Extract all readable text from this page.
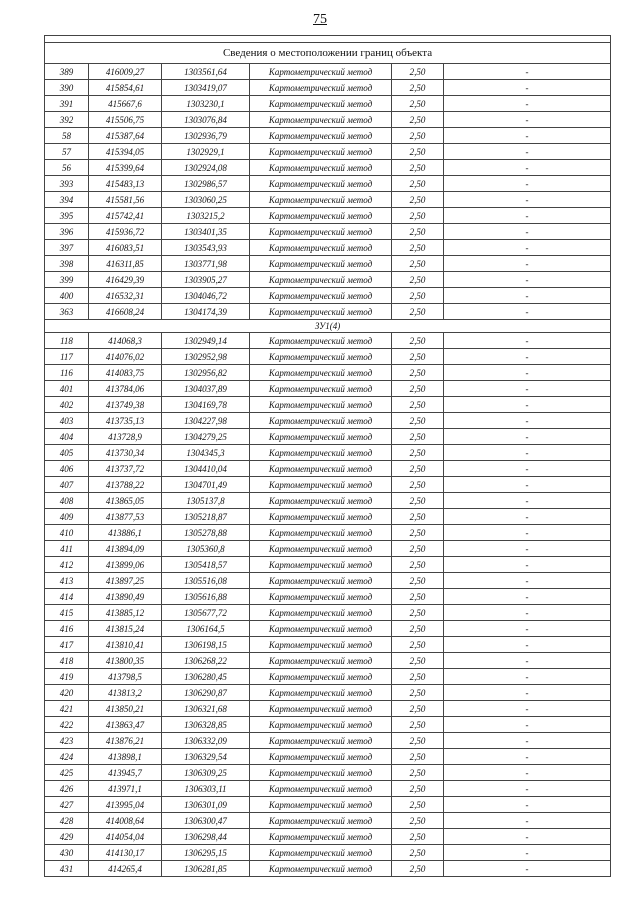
75

Сведения о местоположении границ объекта					
389	416009,27	1303561,64	Картометрический метод	2,50	-
390	415854,61	1303419,07	Картометрический метод	2,50	-
391	415667,6	1303230,1	Картометрический метод	2,50	-
392	415506,75	1303076,84	Картометрический метод	2,50	-
58	415387,64	1302936,79	Картометрический метод	2,50	-
57	415394,05	1302929,1	Картометрический метод	2,50	-
56	415399,64	1302924,08	Картометрический метод	2,50	-
393	415483,13	1302986,57	Картометрический метод	2,50	-
394	415581,56	1303060,25	Картометрический метод	2,50	-
395	415742,41	1303215,2	Картометрический метод	2,50	-
396	415936,72	1303401,35	Картометрический метод	2,50	-
397	416083,51	1303543,93	Картометрический метод	2,50	-
398	416311,85	1303771,98	Картометрический метод	2,50	-
399	416429,39	1303905,27	Картометрический метод	2,50	-
400	416532,31	1304046,72	Картометрический метод	2,50	-
363	416608,24	1304174,39	Картометрический метод	2,50	-
ЗУ1(4)					
118	414068,3	1302949,14	Картометрический метод	2,50	-
117	414076,02	1302952,98	Картометрический метод	2,50	-
116	414083,75	1302956,82	Картометрический метод	2,50	-
401	413784,06	1304037,89	Картометрический метод	2,50	-
402	413749,38	1304169,78	Картометрический метод	2,50	-
403	413735,13	1304227,98	Картометрический метод	2,50	-
404	413728,9	1304279,25	Картометрический метод	2,50	-
405	413730,34	1304345,3	Картометрический метод	2,50	-
406	413737,72	1304410,04	Картометрический метод	2,50	-
407	413788,22	1304701,49	Картометрический метод	2,50	-
408	413865,05	1305137,8	Картометрический метод	2,50	-
409	413877,53	1305218,87	Картометрический метод	2,50	-
410	413886,1	1305278,88	Картометрический метод	2,50	-
411	413894,09	1305360,8	Картометрический метод	2,50	-
412	413899,06	1305418,57	Картометрический метод	2,50	-
413	413897,25	1305516,08	Картометрический метод	2,50	-
414	413890,49	1305616,88	Картометрический метод	2,50	-
415	413885,12	1305677,72	Картометрический метод	2,50	-
416	413815,24	1306164,5	Картометрический метод	2,50	-
417	413810,41	1306198,15	Картометрический метод	2,50	-
418	413800,35	1306268,22	Картометрический метод	2,50	-
419	413798,5	1306280,45	Картометрический метод	2,50	-
420	413813,2	1306290,87	Картометрический метод	2,50	-
421	413850,21	1306321,68	Картометрический метод	2,50	-
422	413863,47	1306328,85	Картометрический метод	2,50	-
423	413876,21	1306332,09	Картометрический метод	2,50	-
424	413898,1	1306329,54	Картометрический метод	2,50	-
425	413945,7	1306309,25	Картометрический метод	2,50	-
426	413971,1	1306303,11	Картометрический метод	2,50	-
427	413995,04	1306301,09	Картометрический метод	2,50	-
428	414008,64	1306300,47	Картометрический метод	2,50	-
429	414054,04	1306298,44	Картометрический метод	2,50	-
430	414130,17	1306295,15	Картометрический метод	2,50	-
431	414265,4	1306281,85	Картометрический метод	2,50	-
